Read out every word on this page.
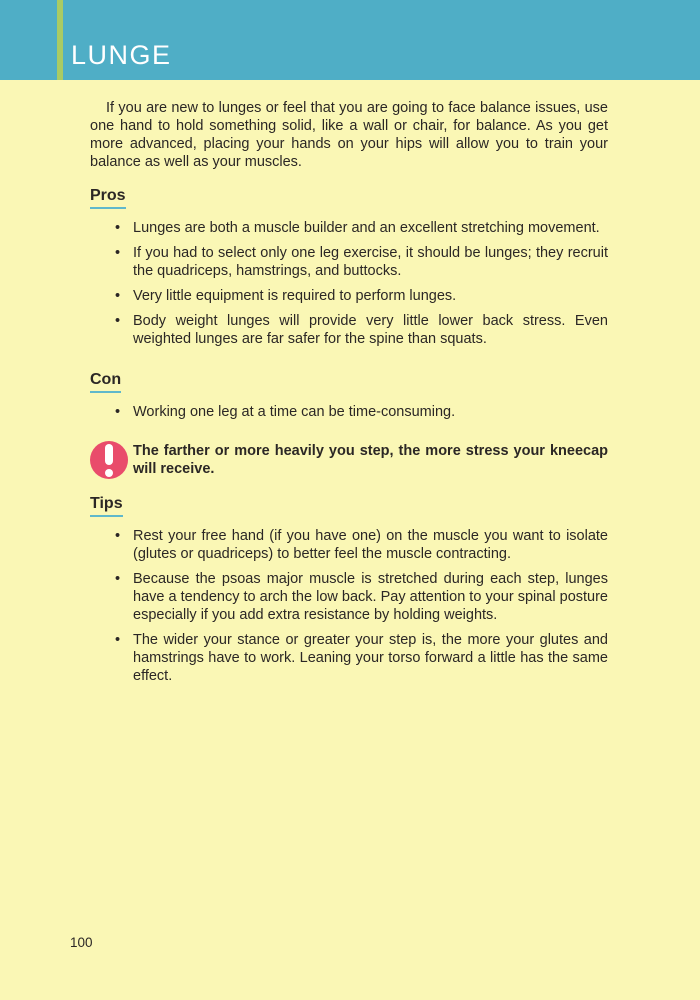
LUNGE

If you are new to lunges or feel that you are going to face balance issues, use one hand to hold something solid, like a wall or chair, for balance. As you get more advanced, placing your hands on your hips will allow you to train your balance as well as your muscles.

Pros
• Lunges are both a muscle builder and an excellent stretching movement.
• If you had to select only one leg exercise, it should be lunges; they recruit the quadriceps, hamstrings, and buttocks.
• Very little equipment is required to perform lunges.
• Body weight lunges will provide very little lower back stress. Even weighted lunges are far safer for the spine than squats.
Con
• Working one leg at a time can be time-consuming.
The farther or more heavily you step, the more stress your kneecap will receive.
Tips
• Rest your free hand (if you have one) on the muscle you want to isolate (glutes or quadriceps) to better feel the muscle contracting.
• Because the psoas major muscle is stretched during each step, lunges have a tendency to arch the low back. Pay attention to your spinal posture especially if you add extra resistance by holding weights.
• The wider your stance or greater your step is, the more your glutes and hamstrings have to work. Leaning your torso forward a little has the same effect.
100
